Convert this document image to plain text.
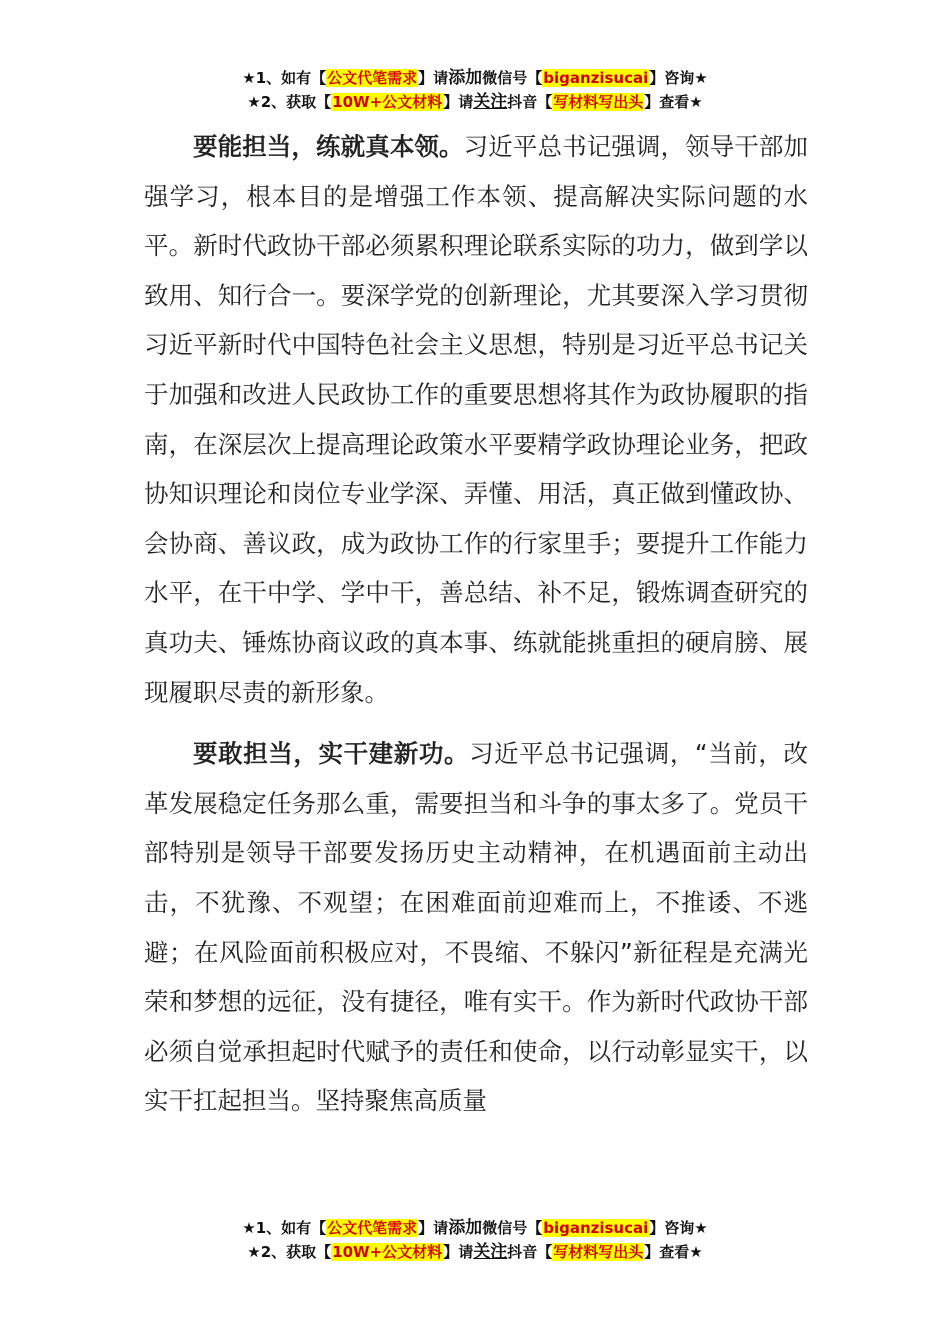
★1、如有【公文代笔需求】请添加微信号【biganzisucai】咨询★
★2、获取【10W+公文材料】请关注抖音【写材料写出头】查看★

要能担当，练就真本领。习近平总书记强调，领导干部加强学习，根本目的是增强工作本领、提高解决实际问题的水平。新时代政协干部必须累积理论联系实际的功力，做到学以致用、知行合一。要深学党的创新理论，尤其要深入学习贯彻习近平新时代中国特色社会主义思想，特别是习近平总书记关于加强和改进人民政协工作的重要思想将其作为政协履职的指南，在深层次上提高理论政策水平要精学政协理论业务，把政协知识理论和岗位专业学深、弄懂、用活，真正做到懂政协、会协商、善议政，成为政协工作的行家里手；要提升工作能力水平，在干中学、学中干，善总结、补不足，锻炼调查研究的真功夫、锤炼协商议政的真本事、练就能挑重担的硬肩膀、展现履职尽责的新形象。

要敢担当，实干建新功。习近平总书记强调，“当前，改革发展稳定任务那么重，需要担当和斗争的事太多了。党员干部特别是领导干部要发扬历史主动精神，在机遇面前主动出击，不犹豫、不观望；在困难面前迎难而上，不推诿、不逃避；在风险面前积极应对，不畏缩、不躲闪”新征程是充满光荣和梦想的远征，没有捷径，唯有实干。作为新时代政协干部必须自觉承担起时代赋予的责任和使命，以行动彰显实干，以实干扛起担当。坚持聚焦高质量

★1、如有【公文代笔需求】请添加微信号【biganzisucai】咨询★
★2、获取【10W+公文材料】请关注抖音【写材料写出头】查看★
